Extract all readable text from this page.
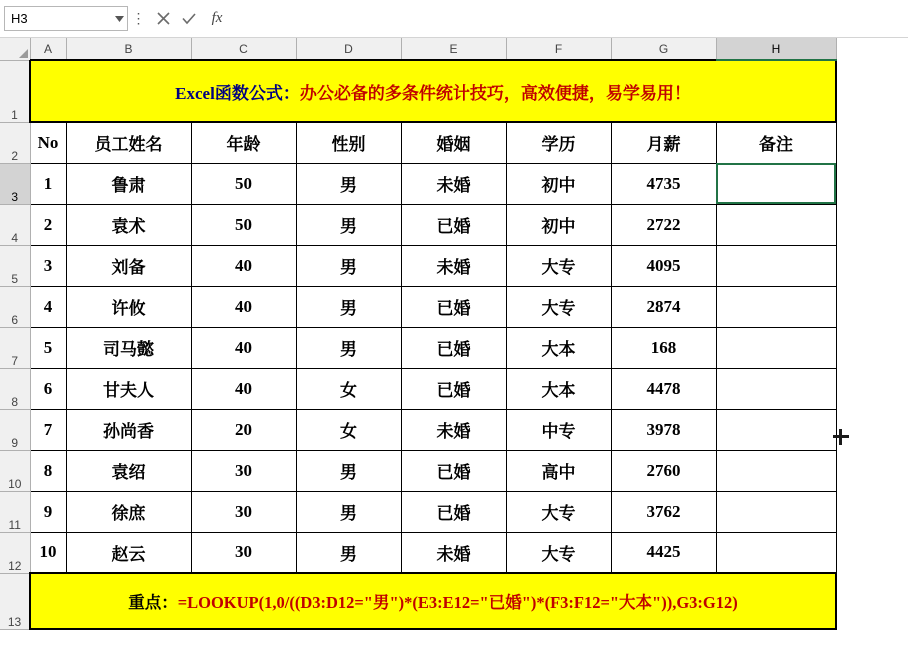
H3	⋮	fx
	A	B	C	D	E	F	G	H
1	Excel函数公式：办公必备的多条件统计技巧，高效便捷，易学易用！							
2	No	员工姓名	年龄	性别	婚姻	学历	月薪	备注
3	1	鲁肃	50	男	未婚	初中	4735	
4	2	袁术	50	男	已婚	初中	2722	
5	3	刘备	40	男	未婚	大专	4095	
6	4	许攸	40	男	已婚	大专	2874	
7	5	司马懿	40	男	已婚	大本	168	
8	6	甘夫人	40	女	已婚	大本	4478	
9	7	孙尚香	20	女	未婚	中专	3978	
10	8	袁绍	30	男	已婚	高中	2760	
11	9	徐庶	30	男	已婚	大专	3762	
12	10	赵云	30	男	未婚	大专	4425	
13	重点：=LOOKUP(1,0/((D3:D12="男")*(E3:E12="已婚")*(F3:F12="大本")),G3:G12)							
